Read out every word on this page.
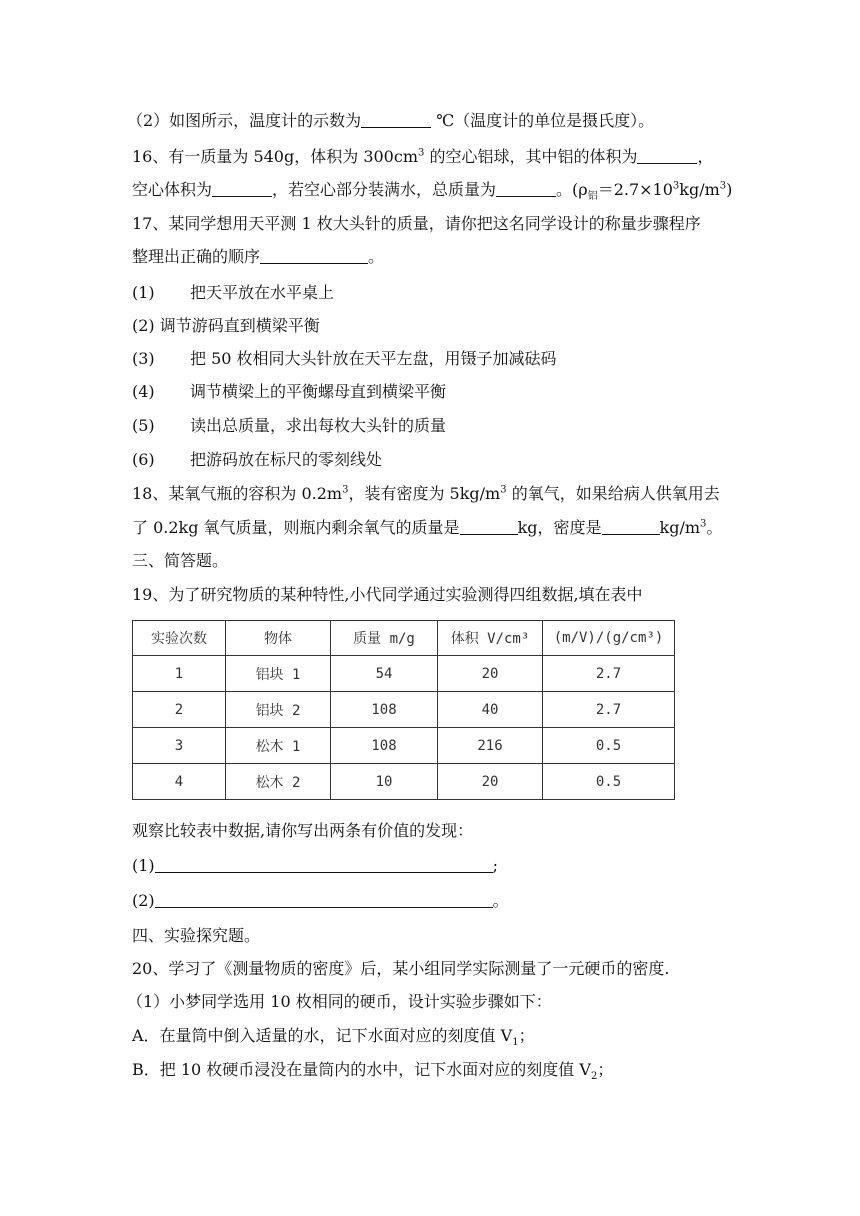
（2）如图所示，温度计的示数为	℃（温度计的单位是摄氏度）。
16、有一质量为 540g，体积为 $300cm^3$ 的空心铝球，其中铝的体积为	，
空心体积为	，若空心部分装满水，总质量为	。$(\rho_铝=2.7\times 10^3kg/m^3)$
17、某同学想用天平测 1 枚大头针的质量，请你把这名同学设计的称量步骤程序
整理出正确的顺序	。
(1) 把天平放在水平桌上
(2) 调节游码直到横梁平衡
(3) 把 50 枚相同大头针放在天平左盘，用镊子加减砝码
(4) 调节横梁上的平衡螺母直到横梁平衡
(5) 读出总质量，求出每枚大头针的质量
(6) 把游码放在标尺的零刻线处
18、某氧气瓶的容积为 $0.2m^3$，装有密度为 $5kg/m^3$ 的氧气，如果给病人供氧用去
了 0.2kg 氧气质量，则瓶内剩余氧气的质量是	kg，密度是	$kg/m^3$。
三、简答题。
19、为了研究物质的某种特性,小代同学通过实验测得四组数据,填在表中
实验次数	物体	质量 m/g	体积 V/cm³	(m/V)/(g/cm³)
1	铝块 1	54	20	2.7
2	铝块 2	108	40	2.7
3	松木 1	108	216	0.5
4	松木 2	10	20	0.5
观察比较表中数据,请你写出两条有价值的发现：
(1)	;
(2)	。
四、实验探究题。
20、学习了《测量物质的密度》后，某小组同学实际测量了一元硬币的密度.
（1）小梦同学选用 10 枚相同的硬币，设计实验步骤如下：
A．在量筒中倒入适量的水，记下水面对应的刻度值 $V_1$；
B．把 10 枚硬币浸没在量筒内的水中，记下水面对应的刻度值 $V_2$；
